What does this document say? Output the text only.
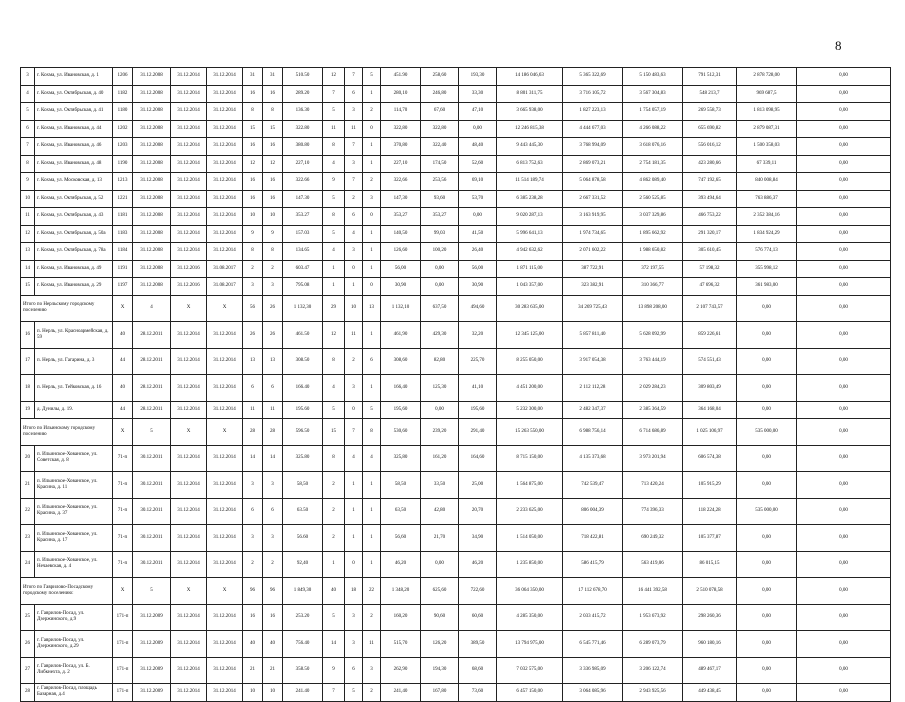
8
3	г. Кохма, ул. Ивановская, д. 1	1206	31.12.2008	31.12.2014	31.12.2014	31	31	510.50	12	7	5	451.90	258,60	193,30	14 186 046,63	5 365 322,69	5 150 483,63	791 512,31	2 878 728,00	0,00
4	г. Кохма, ул. Октябрьская, д. 40	1182	31.12.2008	31.12.2014	31.12.2014	16	16	289.20	7	6	1	280,10	246,80	33,30	8 801 311,75	3 716 105,72	3 567 304,83	548 213,7	969 687,5	0,00
5	г. Кохма, ул. Октябрьская, д. 41	1180	31.12.2008	31.12.2014	31.12.2014	8	8	136.30	5	3	2	114,70	67,60	47,10	3 665 938,00	1 827 223,13	1 754 057,19	269 558,73	1 813 098,95	0,00
6	г. Кохма, ул. Ивановская, д. 44	1202	31.12.2008	31.12.2014	31.12.2014	15	15	322.80	11	11	0	322,80	322,80	0,00	12 246 815,38	4 444 677,03	4 266 088,22	655 690,82	2 879 087,31	0,00
7	г. Кохма, ул. Ивановская, д. 46	1203	31.12.2008	31.12.2014	31.12.2014	16	16	380.80	8	7	1	370,80	322,40	48,40	9 443 445,30	3 768 994,09	3 618 076,16	556 016,12	1 500 358,03	0,00
8	г. Кохма, ул. Ивановская, д. 48	1190	31.12.2008	31.12.2014	31.12.2014	12	12	227,10	4	3	1	227,10	174,50	52,60	6 813 752,63	2 869 073,21	2 754 181,35	423 280,66	67 339,11	0,00
9	г. Кохма, ул. Московская, д. 13	1213	31.12.2008	31.12.2014	31.12.2014	16	16	322.66	9	7	2	322,66	253,56	69,10	11 514 189,74	5 064 878,58	4 862 089,40	747 192,65	840 008,84	0,00
10	г. Кохма, ул. Октябрьская, д. 52	1221	31.12.2008	31.12.2014	31.12.2014	16	16	147.30	5	2	3	147,30	93,60	53,70	6 385 238,28	2 667 331,52	2 560 525,85	393 494,64	763 886,37	0,00
11	г. Кохма, ул. Октябрьская, д. 43	1181	31.12.2008	31.12.2014	31.12.2014	10	10	353.27	8	6	0	353,27	353,27	0,00	9 020 287,13	3 163 919,95	3 037 329,86	466 753,22	2 352 384,16	0,00
12	г. Кохма, ул. Октябрьская, д. 50а	1183	31.12.2008	31.12.2014	31.12.2014	9	9	157.03	5	4	1	140,50	99,03	41,50	5 996 641,13	1 974 734,65	1 895 662,92	291 320,17	1 834 924,29	0,00
13	г. Кохма, ул. Октябрьская, д. 78а	1184	31.12.2008	31.12.2014	31.12.2014	8	8	134.65	4	3	1	126,60	100,20	26,40	4 942 632,62	2 071 602,22	1 988 650,82	305 610,45	576 774,13	0,00
14	г. Кохма, ул. Ивановская, д. 49	1191	31.12.2008	31.12.2016	31.08.2017	2	2	603.47	1	0	1	56,00	0,00	56,00	1 871 115,00	387 722,91	372 197,55	57 198,32	355 998,12	0,00
15	г. Кохма, ул. Ивановская, д. 29	1197	31.12.2008	31.12.2016	31.08.2017	3	3	795.08	1	1	0	30,90	0,00	30,90	1 043 357,00	323 382,91	310 366,77	47 696,32	361 983,00	0,00
Итого по Нерльскому городскому поселению		X	4	X	X	56	26	1 132,30	29	10	13	1 132,10	637,50	494,60	30 283 635,00	34 269 725,43	13 898 208,00	2 107 743,57	0,00	0,00
16	п. Нерль, ул. Красноармейская, д. 59	40	28.12.2011	31.12.2014	31.12.2014	26	26	461.50	12	11	1	461,90	429,30	32,20	12 345 125,00	5 857 811,40	5 628 092,99	859 226,61	0,00	0,00
17	п. Нерль, ул. Гагарина, д. 3	44	28.12.2011	31.12.2014	31.12.2014	13	13	308.50	8	2	6	308,60	82,80	225,70	8 255 050,00	3 917 054,38	3 763 444,19	574 551,43	0,00	0,00
18	п. Нерль, ул. Тейковская, д. 16	40	28.12.2011	31.12.2014	31.12.2014	6	6	166.40	4	3	1	166,40	125,30	41,10	4 451 200,00	2 112 112,28	2 029 284,23	309 803,49	0,00	0,00
19	д. Дунилы, д. 19.	44	28.12.2011	31.12.2014	31.12.2014	11	11	195.60	5	0	5	195,60	0,00	195,60	5 232 300,00	2 482 347,37	2 385 364,59	364 168,04	0,00	0,00
Итого по Ильинскому городскому поселению		X	5	X	X	28	28	596.50	15	7	8	530,60	239,20	291,40	15 263 550,00	6 988 756,14	6 714 686,89	1 025 106,97	535 000,00	0,00
20	п. Ильинское-Хованское, ул. Советская, д. 8	71-п	30.12.2011	31.12.2014	31.12.2014	14	14	325.80	8	4	4	325,80	161,20	164,60	8 715 150,00	4 135 373,68	3 973 201,94	606 574,38	0,00	0,00
21	п. Ильинское-Хованское, ул. Красина, д. 11	71-п	30.12.2011	31.12.2014	31.12.2014	3	3	58,50	2	1	1	58,50	33,50	25,00	1 564 875,00	742 539,47	713 420,24	105 915,29	0,00	0,00
22	п. Ильинское-Хованское, ул. Красина, д. 37	71-п	30.12.2011	31.12.2014	31.12.2014	6	6	63.50	2	1	1	63,50	42,80	20,70	2 233 625,00	806 004,39	774 396,33	118 224,28	535 000,00	0,00
23	п. Ильинское-Хованское, ул. Красина, д. 17	71-п	30.12.2011	31.12.2014	31.12.2014	3	3	56.60	2	1	1	56,60	21,70	34,90	1 514 050,00	718 422,81	690 249,32	105 377,87	0,00	0,00
24	п. Ильинское-Хованское, ул. Нечаевская, д. 4	71-п	30.12.2011	31.12.2014	31.12.2014	2	2	92,40	1	0	1	46,20	0,00	46,20	1 235 850,00	586 415,79	563 419,06	86 015,15	0,00	0,00
Итого по Гаврилово-Посадскому городскому поселению:		X	5	X	X	96	96	1 849,30	40	18	22	1 348,20	625,60	722,60	36 064 350,00	17 112 678,70	16 441 392,58	2 510 078,58	0,00	0,00
25	г. Гаврилов-Посад, ул. Дзержинского, д.9	171-п	31.12.2009	31.12.2014	31.12.2014	16	16	253.20	5	3	2	160,20	90,60	60,60	4 285 350,00	2 033 415,72	1 953 673,92	298 260,36	0,00	0,00
26	г. Гаврилов-Посад, ул. Дзержинского, д.29	171-п	31.12.2009	31.12.2014	31.12.2014	40	40	756.40	14	3	11	515,70	126,20	389,50	13 794 975,00	6 545 771,46	6 289 073,79	960 180,16	0,00	0,00
27	г. Гаврилов-Посад, ул. Б. Либкнехта, д. 2	171-п	31.12.2009	31.12.2014	31.12.2014	21	21	358.50	9	6	3	262,90	194,30	68,60	7 032 575,00	3 336 985,09	3 206 122,74	489 467,17	0,00	0,00
28	г. Гаврилов-Посад, площадь Базарная, д.4	171-п	31.12.2009	31.12.2014	31.12.2014	10	10	241.40	7	5	2	241,40	167,80	73,60	6 457 150,00	3 064 085,96	2 943 925,56	449 438,45	0,00	0,00
